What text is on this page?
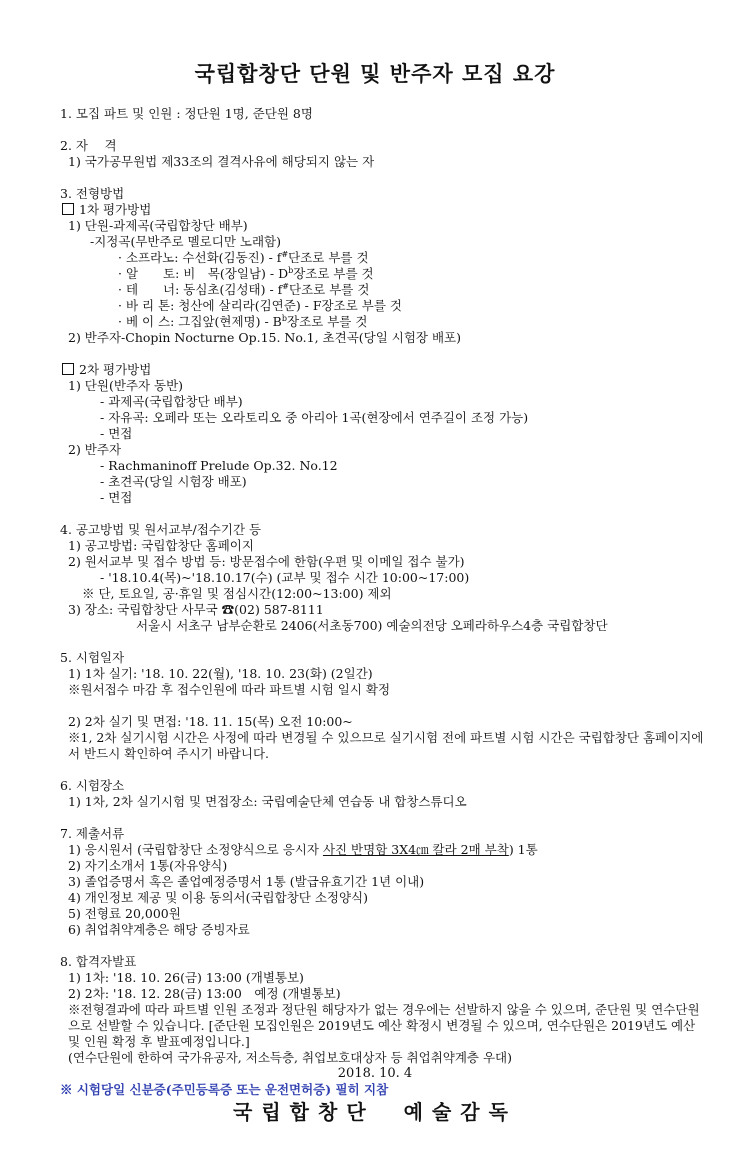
국립합창단 단원 및 반주자 모집 요강
1. 모집 파트 및 인원 : 정단원 1명, 준단원 8명
2. 자　 격
1) 국가공무원법 제33조의 결격사유에 해당되지 않는 자
3. 전형방법
1차 평가방법
1) 단원-과제곡(국립합창단 배부)
-지정곡(무반주로 멜로디만 노래함)
· 소프라노: 수선화(김동진) - f#단조로 부를 것
· 알　　토: 비　목(장일남) - $D^b$장조로 부를 것
· 테　　너: 동심초(김성태) - f#단조로 부를 것
· 바 리 톤: 청산에 살리라(김연준) - F장조로 부를 것
· 베 이 스: 그집앞(현제명) - $B^b$장조로 부를 것
2) 반주자-Chopin Nocturne Op.15. No.1, 초견곡(당일 시험장 배포)
2차 평가방법
1) 단원(반주자 동반)
- 과제곡(국립합창단 배부)
- 자유곡: 오페라 또는 오라토리오 중 아리아 1곡(현장에서 연주길이 조정 가능)
- 면접
2) 반주자
- Rachmaninoff Prelude Op.32. No.12
- 초견곡(당일 시험장 배포)
- 면접
4. 공고방법 및 원서교부/접수기간 등
1) 공고방법: 국립합창단 홈페이지
2) 원서교부 및 접수 방법 등: 방문접수에 한함(우편 및 이메일 접수 불가)
- '18.10.4(목)~'18.10.17(수) (교부 및 접수 시간 10:00~17:00)
※ 단, 토요일, 공·휴일 및 점심시간(12:00~13:00) 제외
3) 장소: 국립합창단 사무국 ☎(02) 587-8111
서울시 서초구 남부순환로 2406(서초동700) 예술의전당 오페라하우스4층 국립합창단
5. 시험일자
1) 1차 실기: '18. 10. 22(월), '18. 10. 23(화) (2일간)
※원서접수 마감 후 접수인원에 따라 파트별 시험 일시 확정
2) 2차 실기 및 면접: '18. 11. 15(목) 오전 10:00~
※1, 2차 실기시험 시간은 사정에 따라 변경될 수 있으므로 실기시험 전에 파트별 시험 시간은 국립합창단 홈페이지에서 반드시 확인하여 주시기 바랍니다.
6. 시험장소
1) 1차, 2차 실기시험 및 면접장소: 국립예술단체 연습동 내 합창스튜디오
7. 제출서류
1) 응시원서 (국립합창단 소정양식으로 응시자 사진 반명함 3X4㎝ 칼라 2매 부착) 1통
2) 자기소개서 1통(자유양식)
3) 졸업증명서 혹은 졸업예정증명서 1통 (발급유효기간 1년 이내)
4) 개인정보 제공 및 이용 동의서(국립합창단 소정양식)
5) 전형료 20,000원
6) 취업취약계층은 해당 증빙자료
8. 합격자발표
1) 1차: '18. 10. 26(금) 13:00 (개별통보)
2) 2차: '18. 12. 28(금) 13:00　예정 (개별통보)
※전형결과에 따라 파트별 인원 조정과 정단원 해당자가 없는 경우에는 선발하지 않을 수 있으며, 준단원 및 연수단원으로 선발할 수 있습니다. [준단원 모집인원은 2019년도 예산 확정시 변경될 수 있으며, 연수단원은 2019년도 예산 및 인원 확정 후 발표예정입니다.]
(연수단원에 한하여 국가유공자, 저소득층, 취업보호대상자 등 취업취약계층 우대)
※ 시험당일 신분증(주민등록증 또는 운전면허증) 필히 지참
2018. 10. 4
국립합창단　예술감독
